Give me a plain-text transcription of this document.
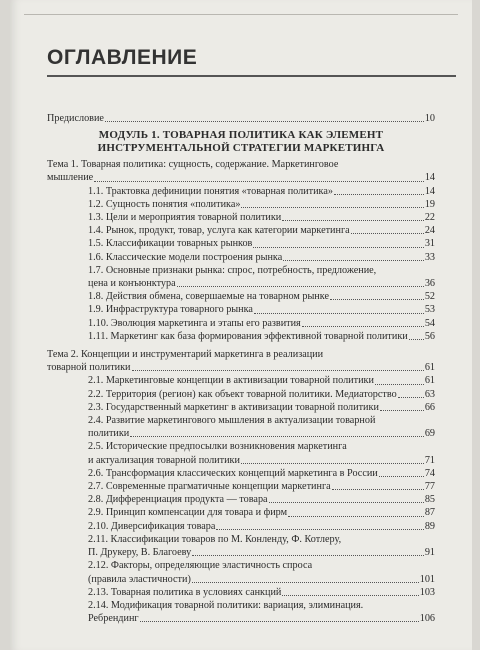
ОГЛАВЛЕНИЕ
Предисловие	10
МОДУЛЬ 1. ТОВАРНАЯ ПОЛИТИКА КАК ЭЛЕМЕНТ
ИНСТРУМЕНТАЛЬНОЙ СТРАТЕГИИ МАРКЕТИНГА
Тема 1. Товарная политика: сущность, содержание. Маркетинговое
мышление	14
1.1. Трактовка дефиниции понятия «товарная политика»	14
1.2. Сущность понятия «политика»	19
1.3. Цели и мероприятия товарной политики	22
1.4. Рынок, продукт, товар, услуга как категории маркетинга	24
1.5. Классификации товарных рынков	31
1.6. Классические модели построения рынка	33
1.7. Основные признаки рынка: спрос, потребность, предложение,
цена и конъюнктура	36
1.8. Действия обмена, совершаемые на товарном рынке	52
1.9. Инфраструктура товарного рынка	53
1.10. Эволюция маркетинга и этапы его развития	54
1.11. Маркетинг как база формирования эффективной товарной политики 56
Тема 2. Концепции и инструментарий маркетинга в реализации
товарной политики	61
2.1. Маркетинговые концепции в активизации товарной политики	61
2.2. Территория (регион) как объект товарной политики. Медиаторство	63
2.3. Государственный маркетинг в активизации товарной политики	66
2.4. Развитие маркетингового мышления в актуализации товарной
политики	69
2.5. Исторические предпосылки возникновения маркетинга
и актуализация товарной политики	71
2.6. Трансформация классических концепций маркетинга в России	74
2.7. Современные прагматичные концепции маркетинга	77
2.8. Дифференциация продукта — товара	85
2.9. Принцип компенсации для товара и фирм	87
2.10. Диверсификация товара	89
2.11. Классификации товаров по М. Конленду, Ф. Котлеру,
П. Друкеру, В. Благоеву	91
2.12. Факторы, определяющие эластичность спроса
(правила эластичности)	101
2.13. Товарная политика в условиях санкций	103
2.14. Модификация товарной политики: вариация, элиминация.
Ребрендинг	106
